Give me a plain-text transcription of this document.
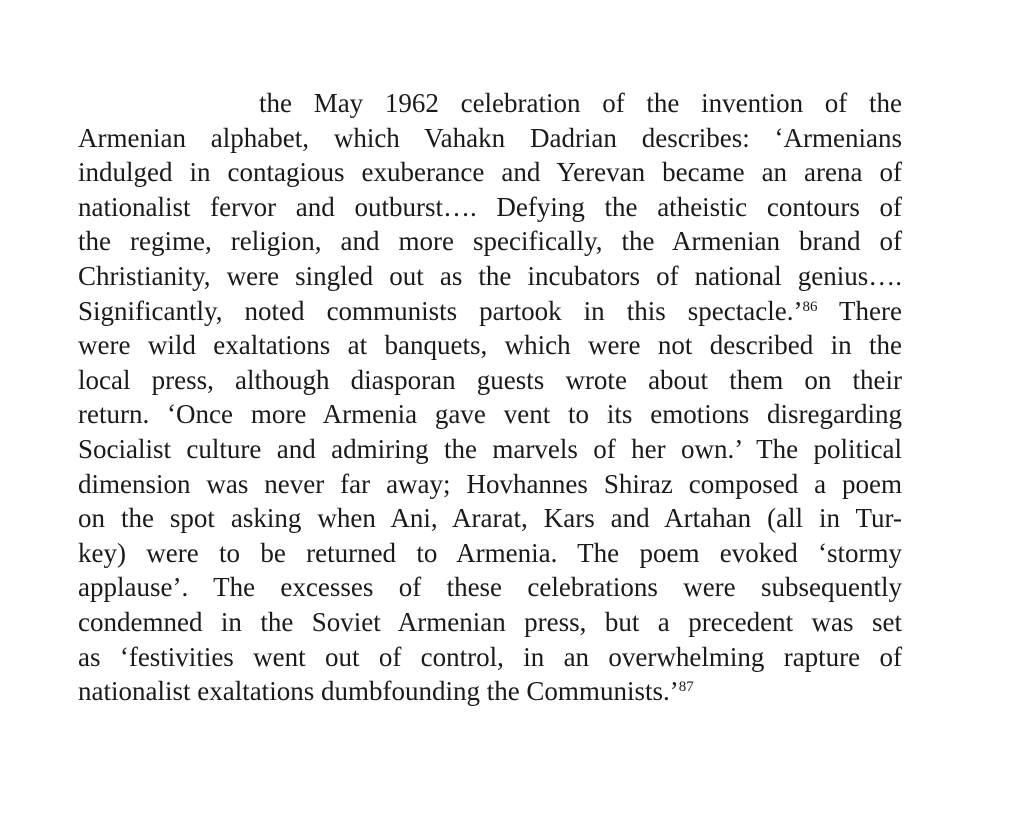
the May 1962 celebration of the invention of the
Armenian alphabet, which Vahakn Dadrian describes: ‘Armenians
indulged in contagious exuberance and Yerevan became an arena of
nationalist fervor and outburst…. Defying the atheistic contours of
the regime, religion, and more specifically, the Armenian brand of
Christianity, were singled out as the incubators of national genius….
Significantly, noted communists partook in this spectacle.’$^{86}$ There
were wild exaltations at banquets, which were not described in the
local press, although diasporan guests wrote about them on their
return. ‘Once more Armenia gave vent to its emotions disregarding
Socialist culture and admiring the marvels of her own.’ The political
dimension was never far away; Hovhannes Shiraz composed a poem
on the spot asking when Ani, Ararat, Kars and Artahan (all in Tur-
key) were to be returned to Armenia. The poem evoked ‘stormy
applause’. The excesses of these celebrations were subsequently
condemned in the Soviet Armenian press, but a precedent was set
as ‘festivities went out of control, in an overwhelming rapture of
nationalist exaltations dumbfounding the Communists.’$^{87}$
